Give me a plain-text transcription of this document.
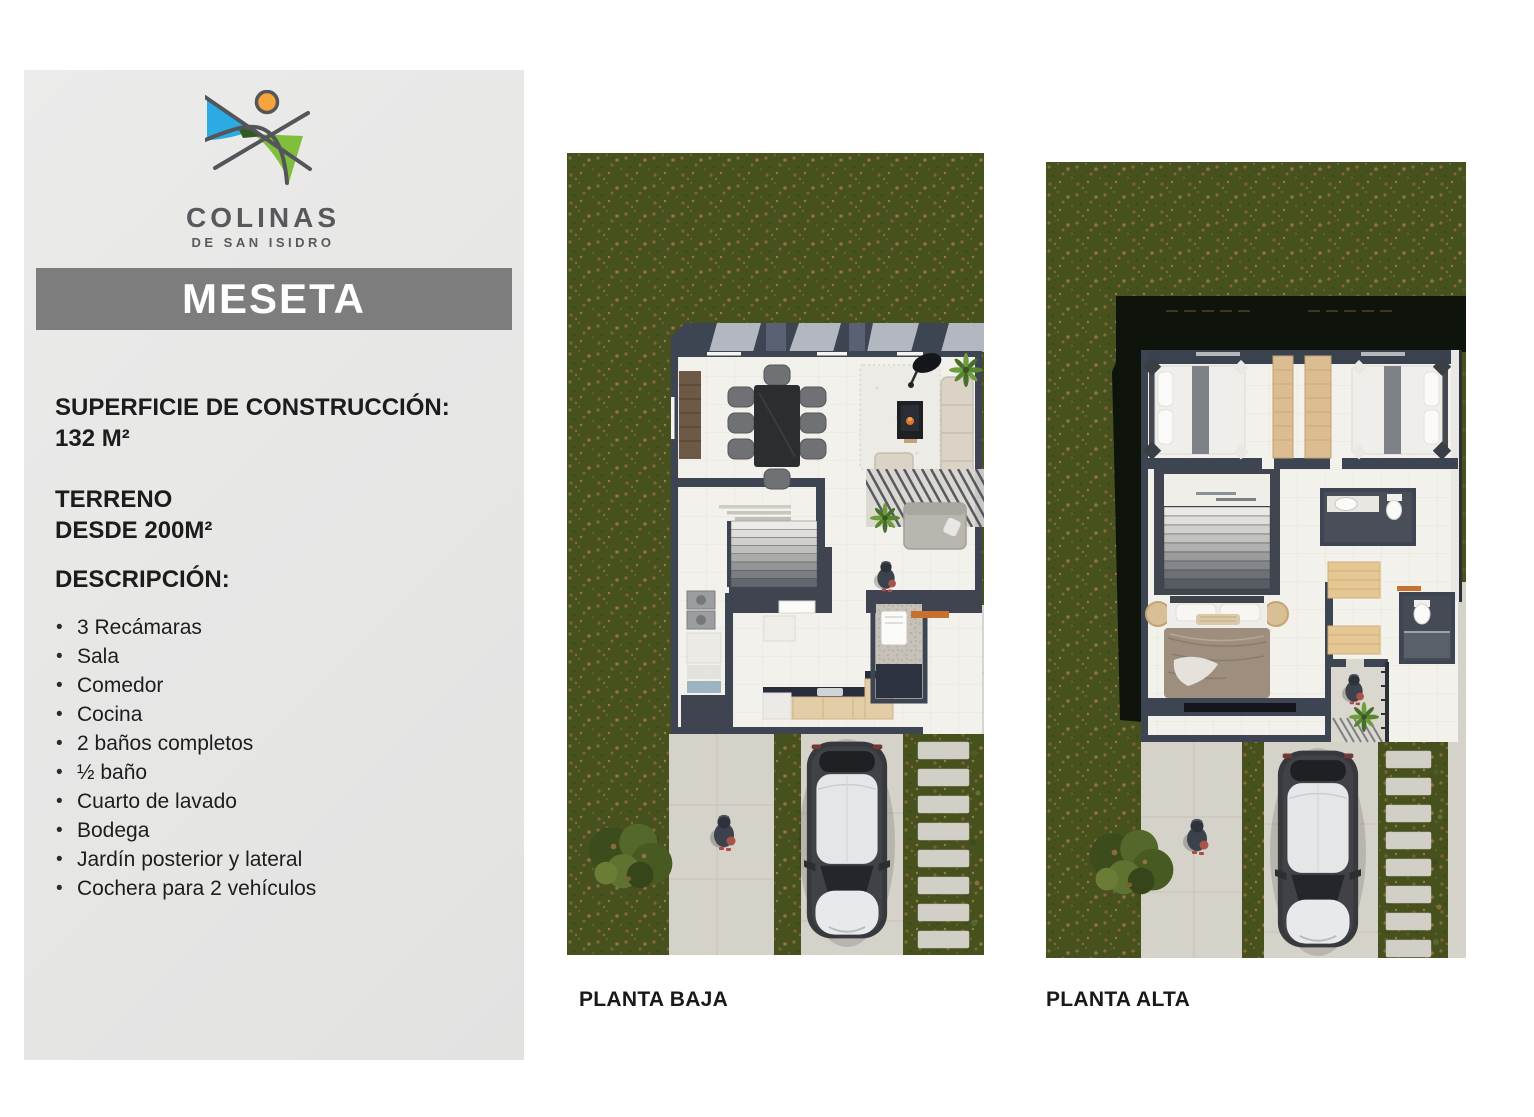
COLINAS
DE SAN ISIDRO
MESETA
SUPERFICIE DE CONSTRUCCIÓN:
132 M²
TERRENO
DESDE 200M²
DESCRIPCIÓN:
• 3 Recámaras
• Sala
• Comedor
• Cocina
• 2 baños completos
• ½ baño
• Cuarto de lavado
• Bodega
• Jardín posterior y lateral
• Cochera para 2 vehículos
PLANTA BAJA	PLANTA ALTA
